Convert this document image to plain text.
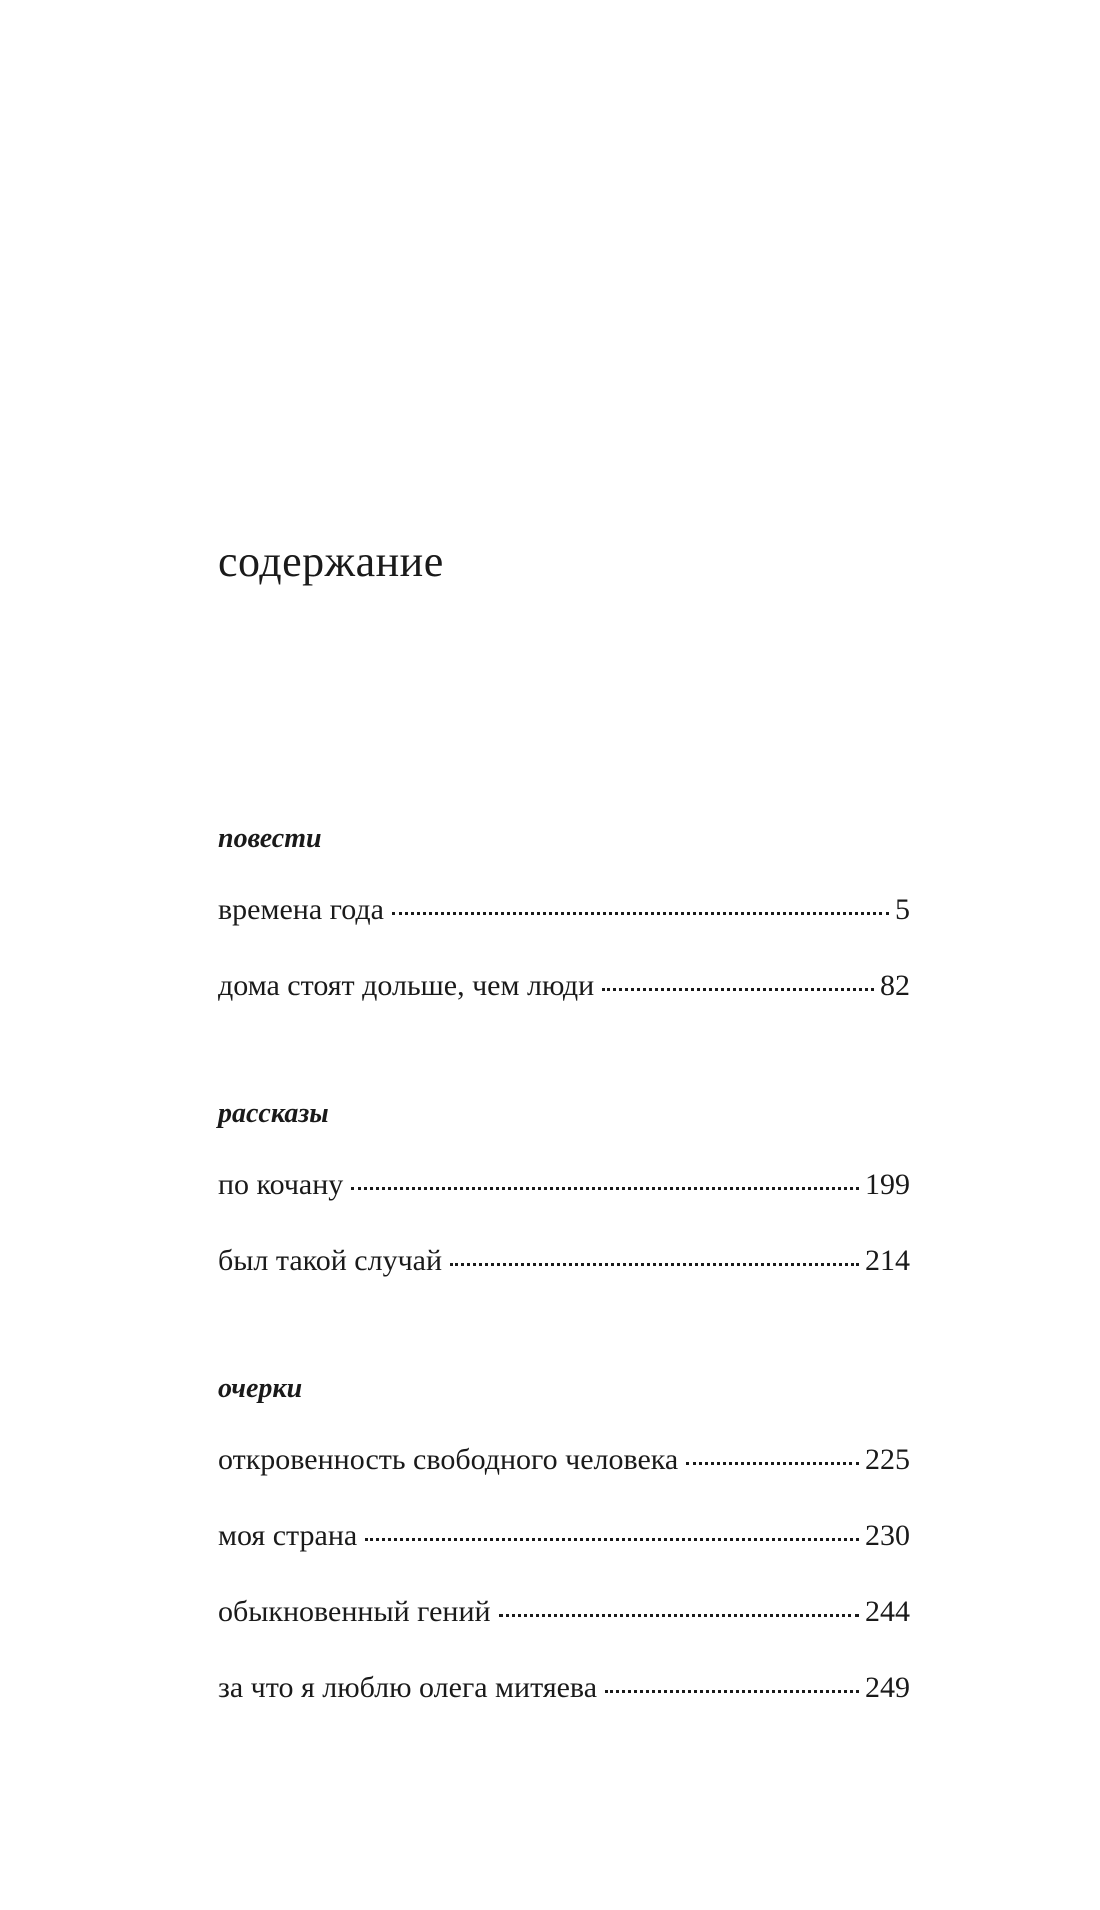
содержание
повести
времена года	5
дома стоят дольше, чем люди	82
рассказы
по кочану	199
был такой случай	214
очерки
откровенность свободного человека	225
моя страна	230
обыкновенный гений	244
за что я люблю олега митяева	249
